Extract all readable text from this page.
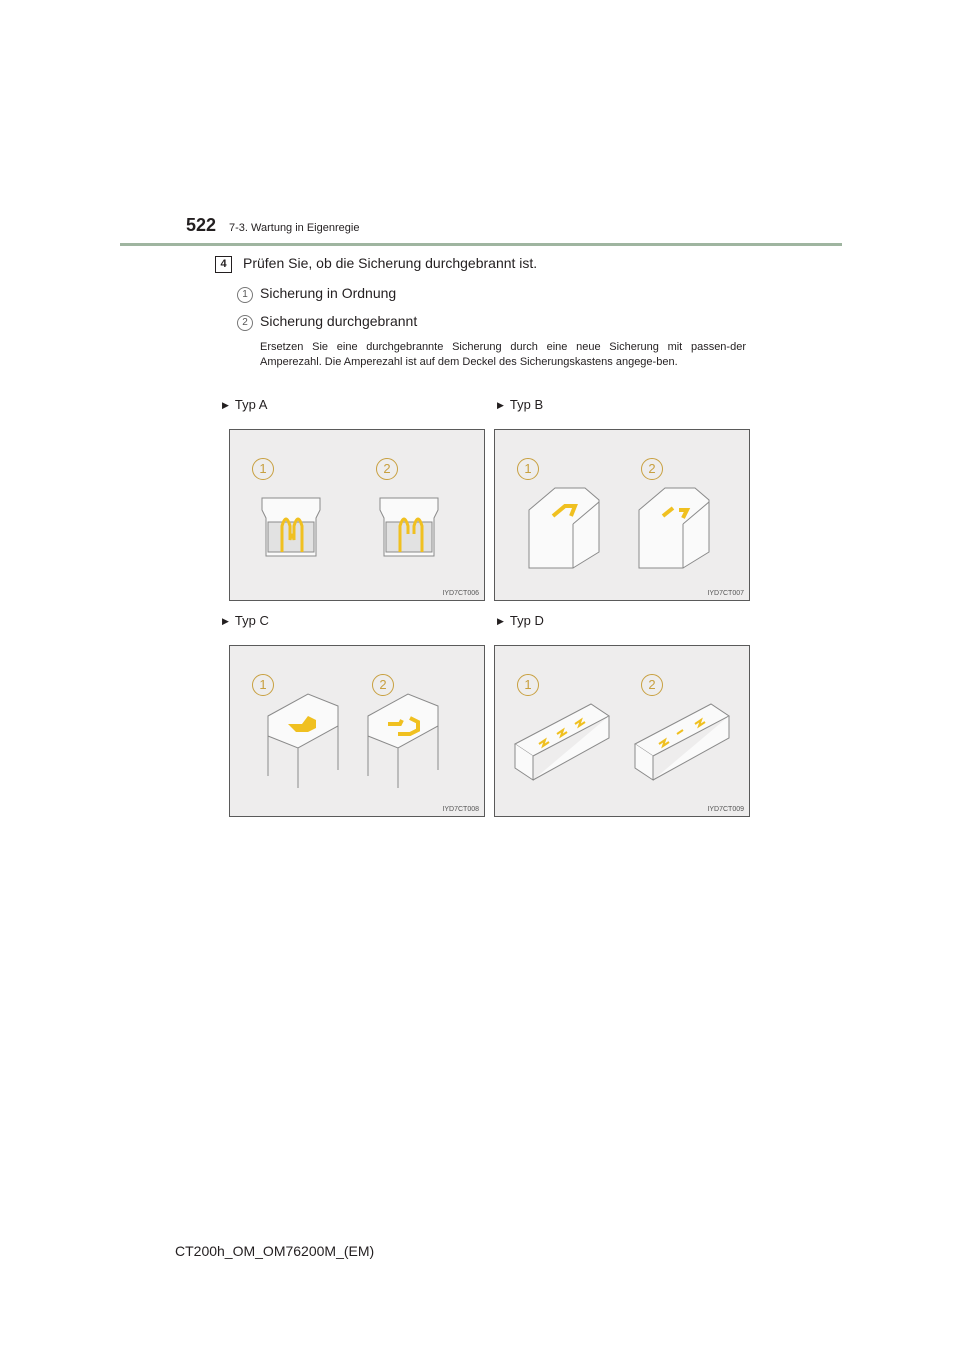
522 7-3. Wartung in Eigenregie
4	Prüfen Sie, ob die Sicherung durchgebrannt ist.
1 Sicherung in Ordnung
2 Sicherung durchgebrannt
Ersetzen Sie eine durchgebrannte Sicherung durch eine neue Sicherung mit passen-der Amperezahl. Die Amperezahl ist auf dem Deckel des Sicherungskastens angege-ben.
▶ Typ A	▶ Typ B
▶ Typ C	▶ Typ D
1	2
IYD7CT006
1	2
IYD7CT007
1	2
IYD7CT008
1	2
IYD7CT009
CT200h_OM_OM76200M_(EM)
